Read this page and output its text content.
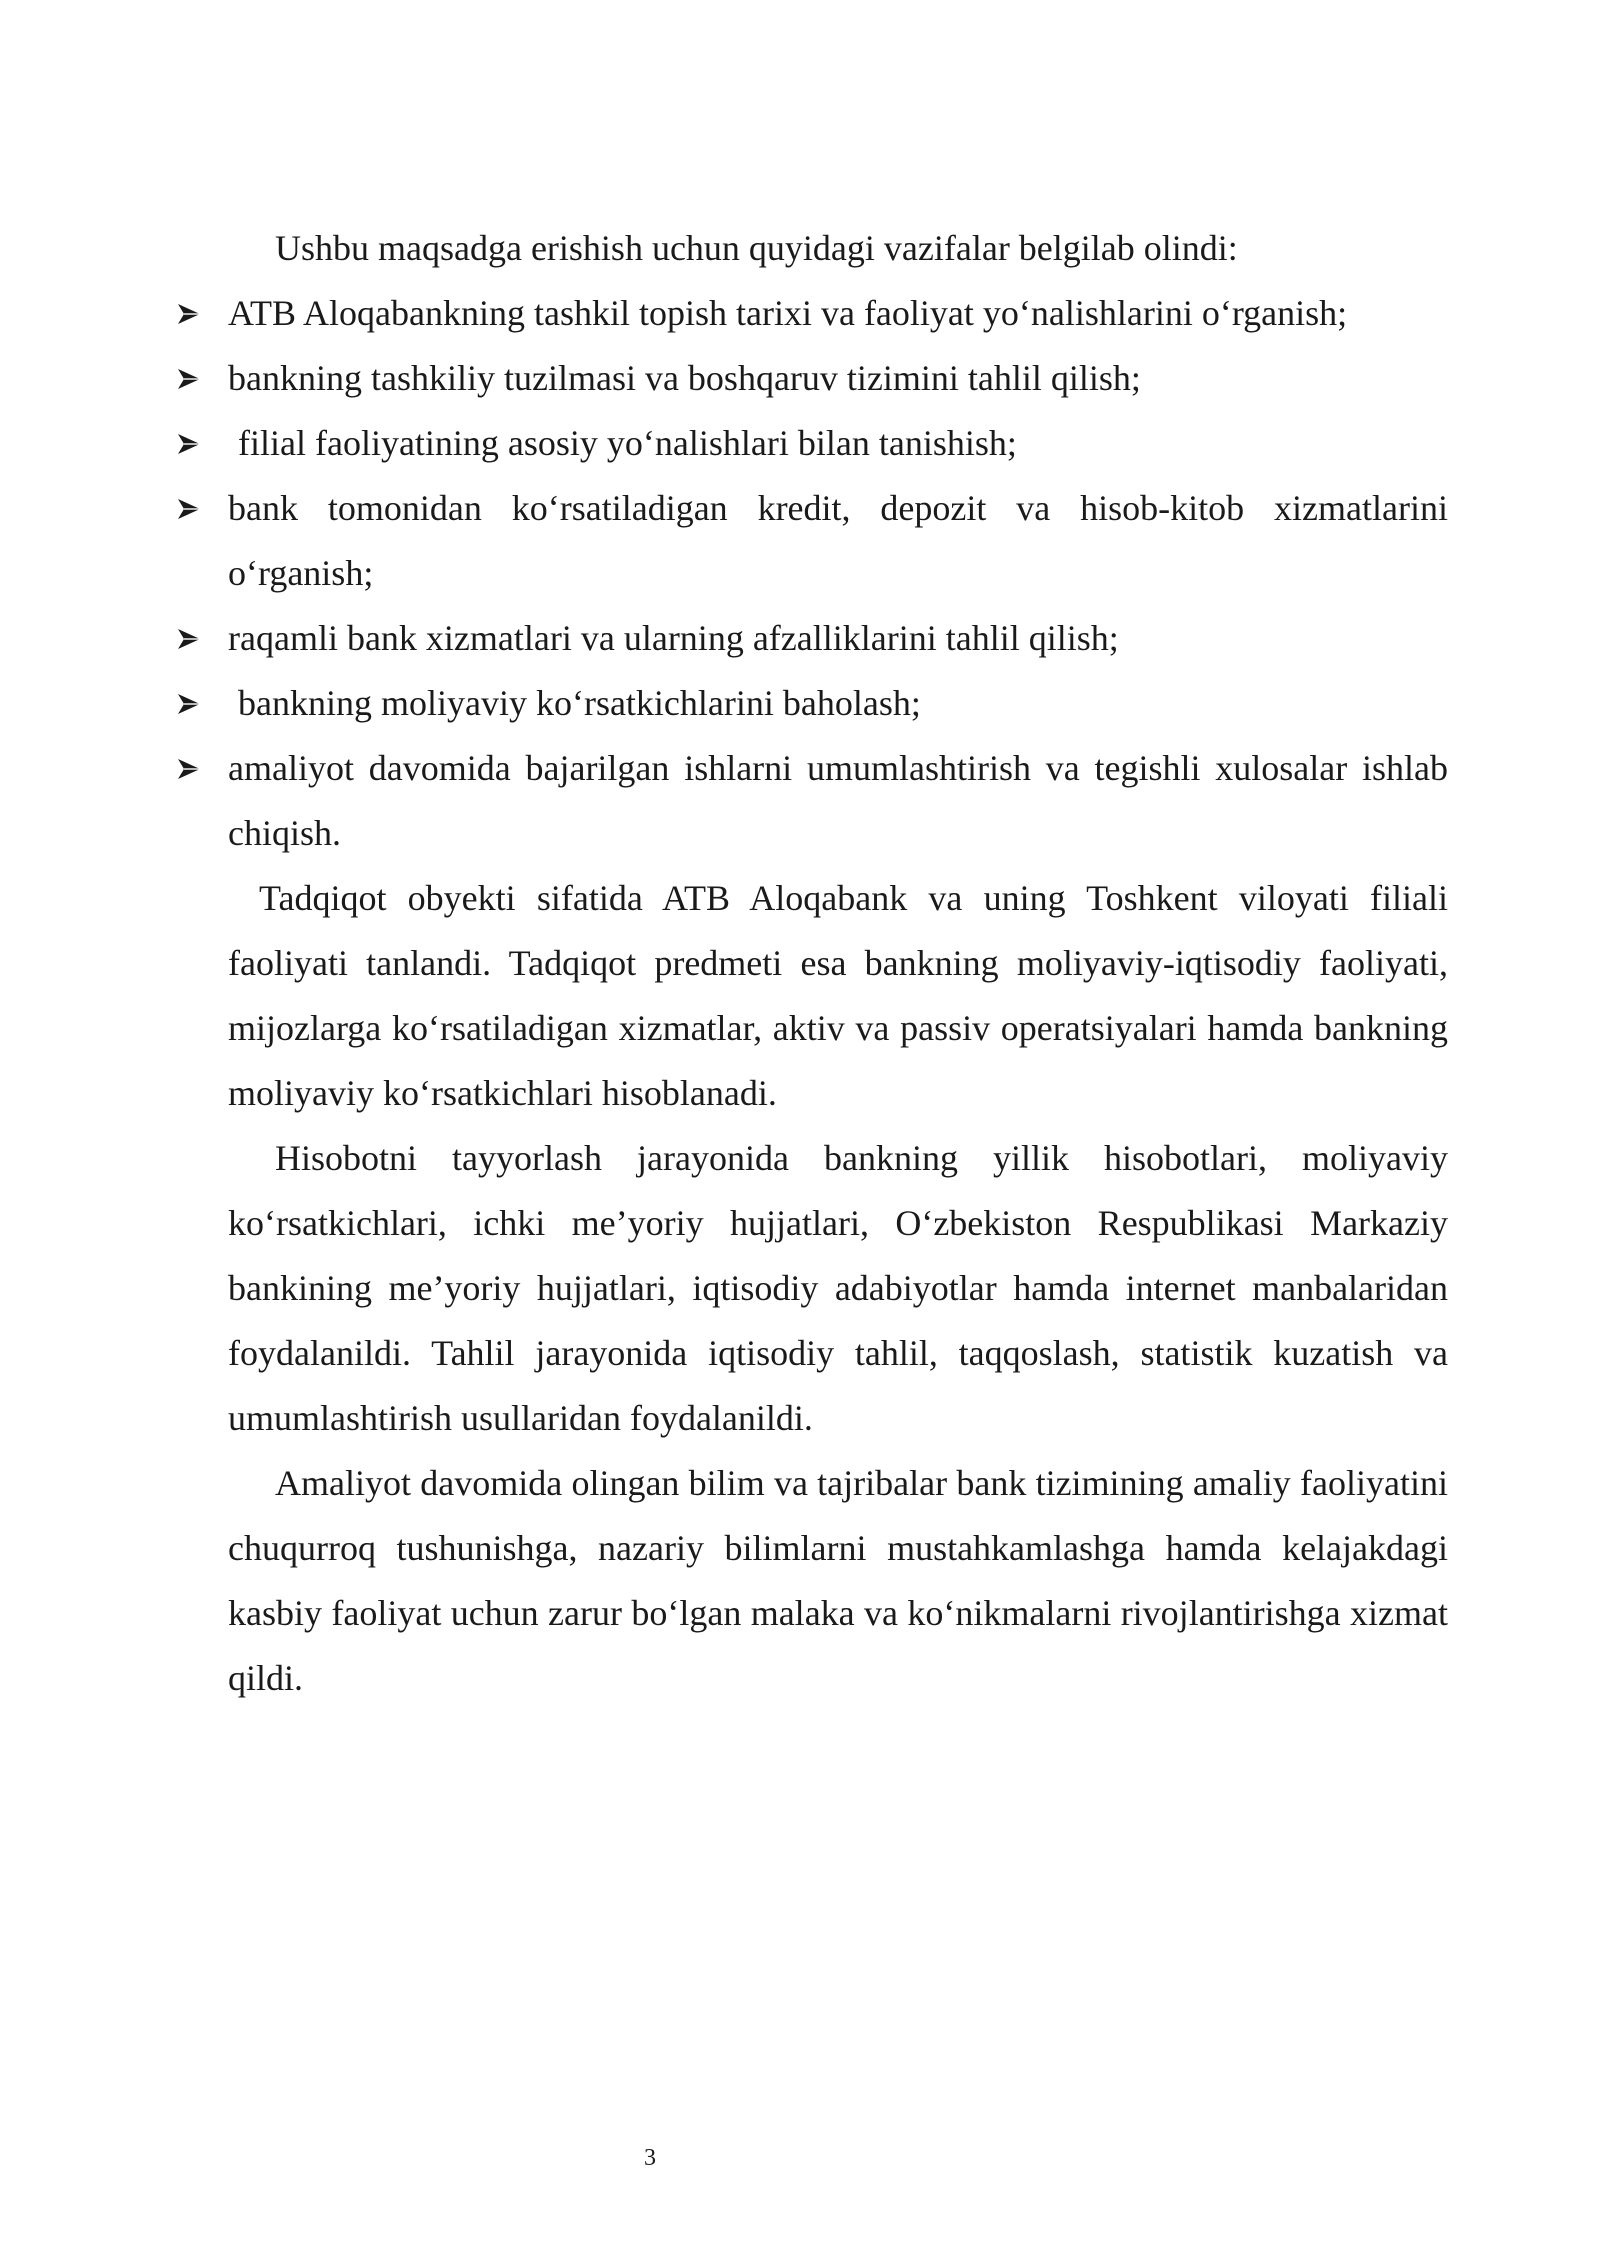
Ushbu maqsadga erishish uchun quyidagi vazifalar belgilab olindi:

ATB Aloqabankning tashkil topish tarixi va faoliyat yo‘nalishlarini o‘rganish;
bankning tashkiliy tuzilmasi va boshqaruv tizimini tahlil qilish;
filial faoliyatining asosiy yo‘nalishlari bilan tanishish;
bank tomonidan ko‘rsatiladigan kredit, depozit va hisob-kitob xizmatlarini o‘rganish;
raqamli bank xizmatlari va ularning afzalliklarini tahlil qilish;
bankning moliyaviy ko‘rsatkichlarini baholash;
amaliyot davomida bajarilgan ishlarni umumlashtirish va tegishli xulosalar ishlab chiqish.

Tadqiqot obyekti sifatida ATB Aloqabank va uning Toshkent viloyati filiali faoliyati tanlandi. Tadqiqot predmeti esa bankning moliyaviy-iqtisodiy faoliyati, mijozlarga ko‘rsatiladigan xizmatlar, aktiv va passiv operatsiyalari hamda bankning moliyaviy ko‘rsatkichlari hisoblanadi.

Hisobotni tayyorlash jarayonida bankning yillik hisobotlari, moliyaviy ko‘rsatkichlari, ichki me’yoriy hujjatlari, O‘zbekiston Respublikasi Markaziy bankining me’yoriy hujjatlari, iqtisodiy adabiyotlar hamda internet manbalaridan foydalanildi. Tahlil jarayonida iqtisodiy tahlil, taqqoslash, statistik kuzatish va umumlashtirish usullaridan foydalanildi.

Amaliyot davomida olingan bilim va tajribalar bank tizimining amaliy faoliyatini chuqurroq tushunishga, nazariy bilimlarni mustahkamlashga hamda kelajakdagi kasbiy faoliyat uchun zarur bo‘lgan malaka va ko‘nikmalarni rivojlantirishga xizmat qildi.

3
